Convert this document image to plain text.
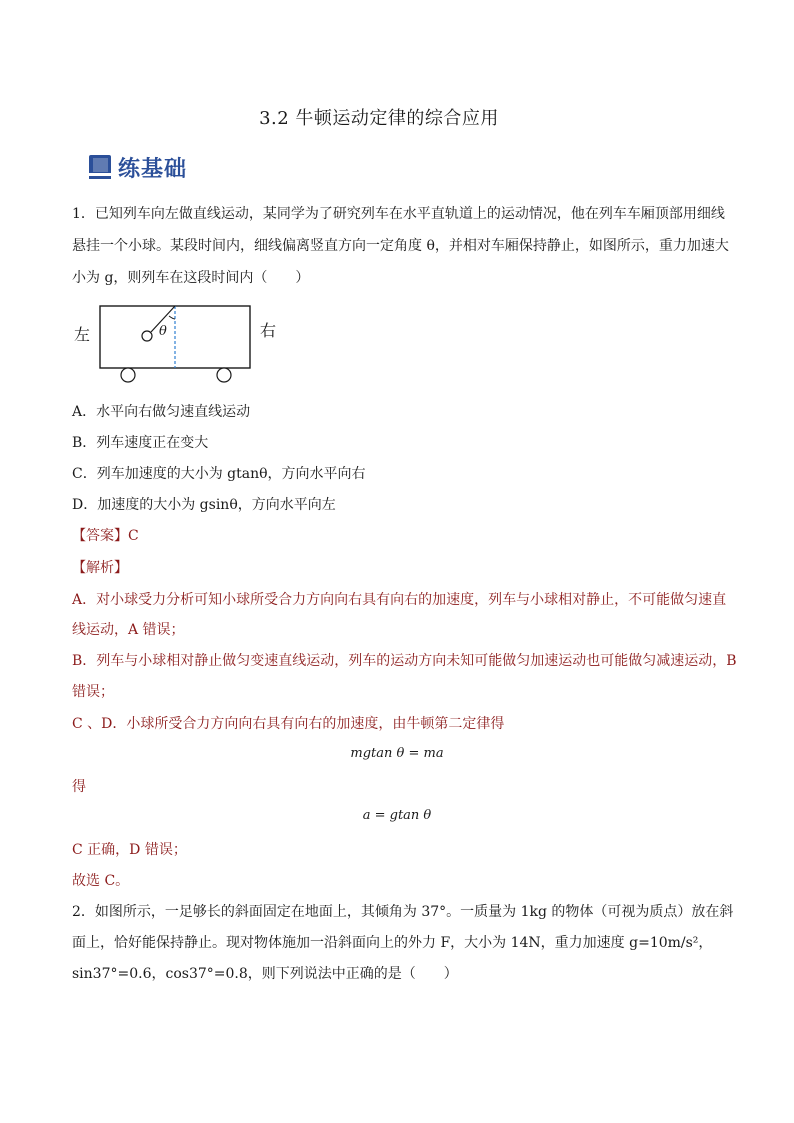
3.2 牛顿运动定律的综合应用
练基础
1．已知列车向左做直线运动，某同学为了研究列车在水平直轨道上的运动情况，他在列车车厢顶部用细线
悬挂一个小球。某段时间内，细线偏离竖直方向一定角度 θ，并相对车厢保持静止，如图所示，重力加速大
小为 g，则列车在这段时间内（　　）
左	右
θ
A．水平向右做匀速直线运动
B．列车速度正在变大
C．列车加速度的大小为 gtanθ，方向水平向右
D．加速度的大小为 gsinθ，方向水平向左
【答案】C
【解析】
A．对小球受力分析可知小球所受合力方向向右具有向右的加速度，列车与小球相对静止，不可能做匀速直
线运动，A 错误；
B．列车与小球相对静止做匀变速直线运动，列车的运动方向未知可能做匀加速运动也可能做匀减速运动，B
错误；
C 、D．小球所受合力方向向右具有向右的加速度，由牛顿第二定律得
mgtan θ = ma
得
a = gtan θ
C 正确，D 错误；
故选 C。
2．如图所示，一足够长的斜面固定在地面上，其倾角为 37°。一质量为 1kg 的物体（可视为质点）放在斜
面上，恰好能保持静止。现对物体施加一沿斜面向上的外力 F，大小为 14N，重力加速度 g=10m/s²，
sin37°=0.6，cos37°=0.8，则下列说法中正确的是（　　）
